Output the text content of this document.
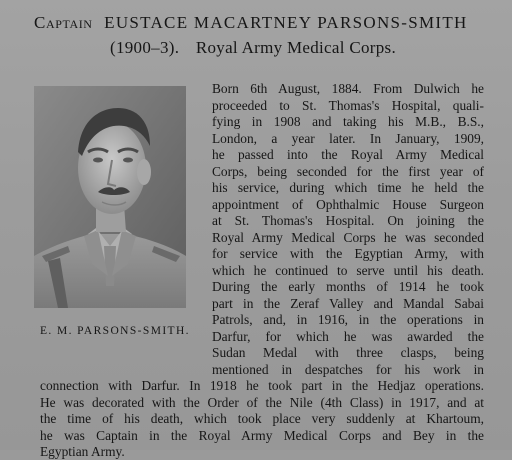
Captain EUSTACE MACARTNEY PARSONS-SMITH
(1900–3). Royal Army Medical Corps.
E. M. PARSONS-SMITH.
Born 6th August, 1884. From Dulwich he
proceeded to St. Thomas's Hospital, quali-
fying in 1908 and taking his M.B., B.S.,
London, a year later. In January, 1909,
he passed into the Royal Army Medical
Corps, being seconded for the first year of
his service, during which time he held the
appointment of Ophthalmic House Surgeon
at St. Thomas's Hospital. On joining the
Royal Army Medical Corps he was seconded
for service with the Egyptian Army, with
which he continued to serve until his death.
During the early months of 1914 he took
part in the Zeraf Valley and Mandal Sabai
Patrols, and, in 1916, in the operations in
Darfur, for which he was awarded the
Sudan Medal with three clasps, being
mentioned in despatches for his work in
connection with Darfur. In 1918 he took part in the Hedjaz operations.
He was decorated with the Order of the Nile (4th Class) in 1917, and at
the time of his death, which took place very suddenly at Khartoum,
he was Captain in the Royal Army Medical Corps and Bey in the
Egyptian Army.
